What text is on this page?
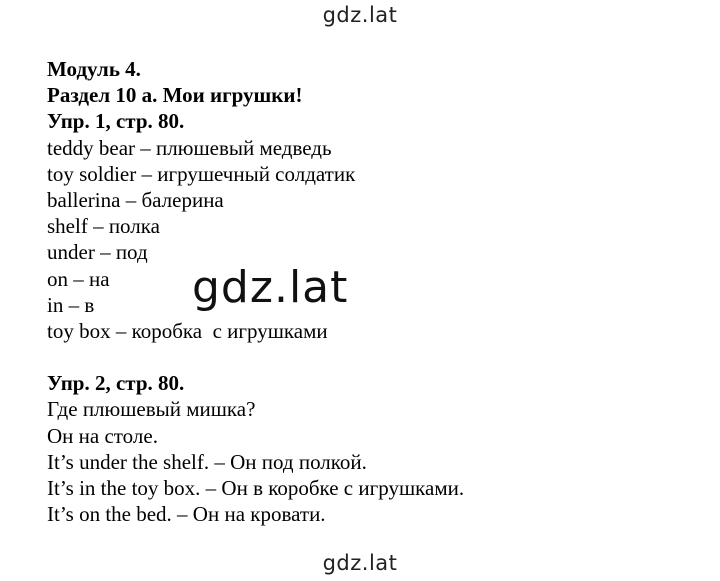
gdz.lat
Модуль 4.
Раздел 10 a. Мои игрушки!
Упр. 1, стр. 80.
teddy bear – плюшевый медведь
toy soldier – игрушечный солдатик
ballerina – балерина
shelf – полка
under – под
on – на
in – в
toy box – коробка  с игрушками
Упр. 2, стр. 80.
Где плюшевый мишка?
Он на столе.
It’s under the shelf. – Он под полкой.
It’s in the toy box. – Он в коробке с игрушками.
It’s on the bed. – Он на кровати.
gdz.lat
gdz.lat
